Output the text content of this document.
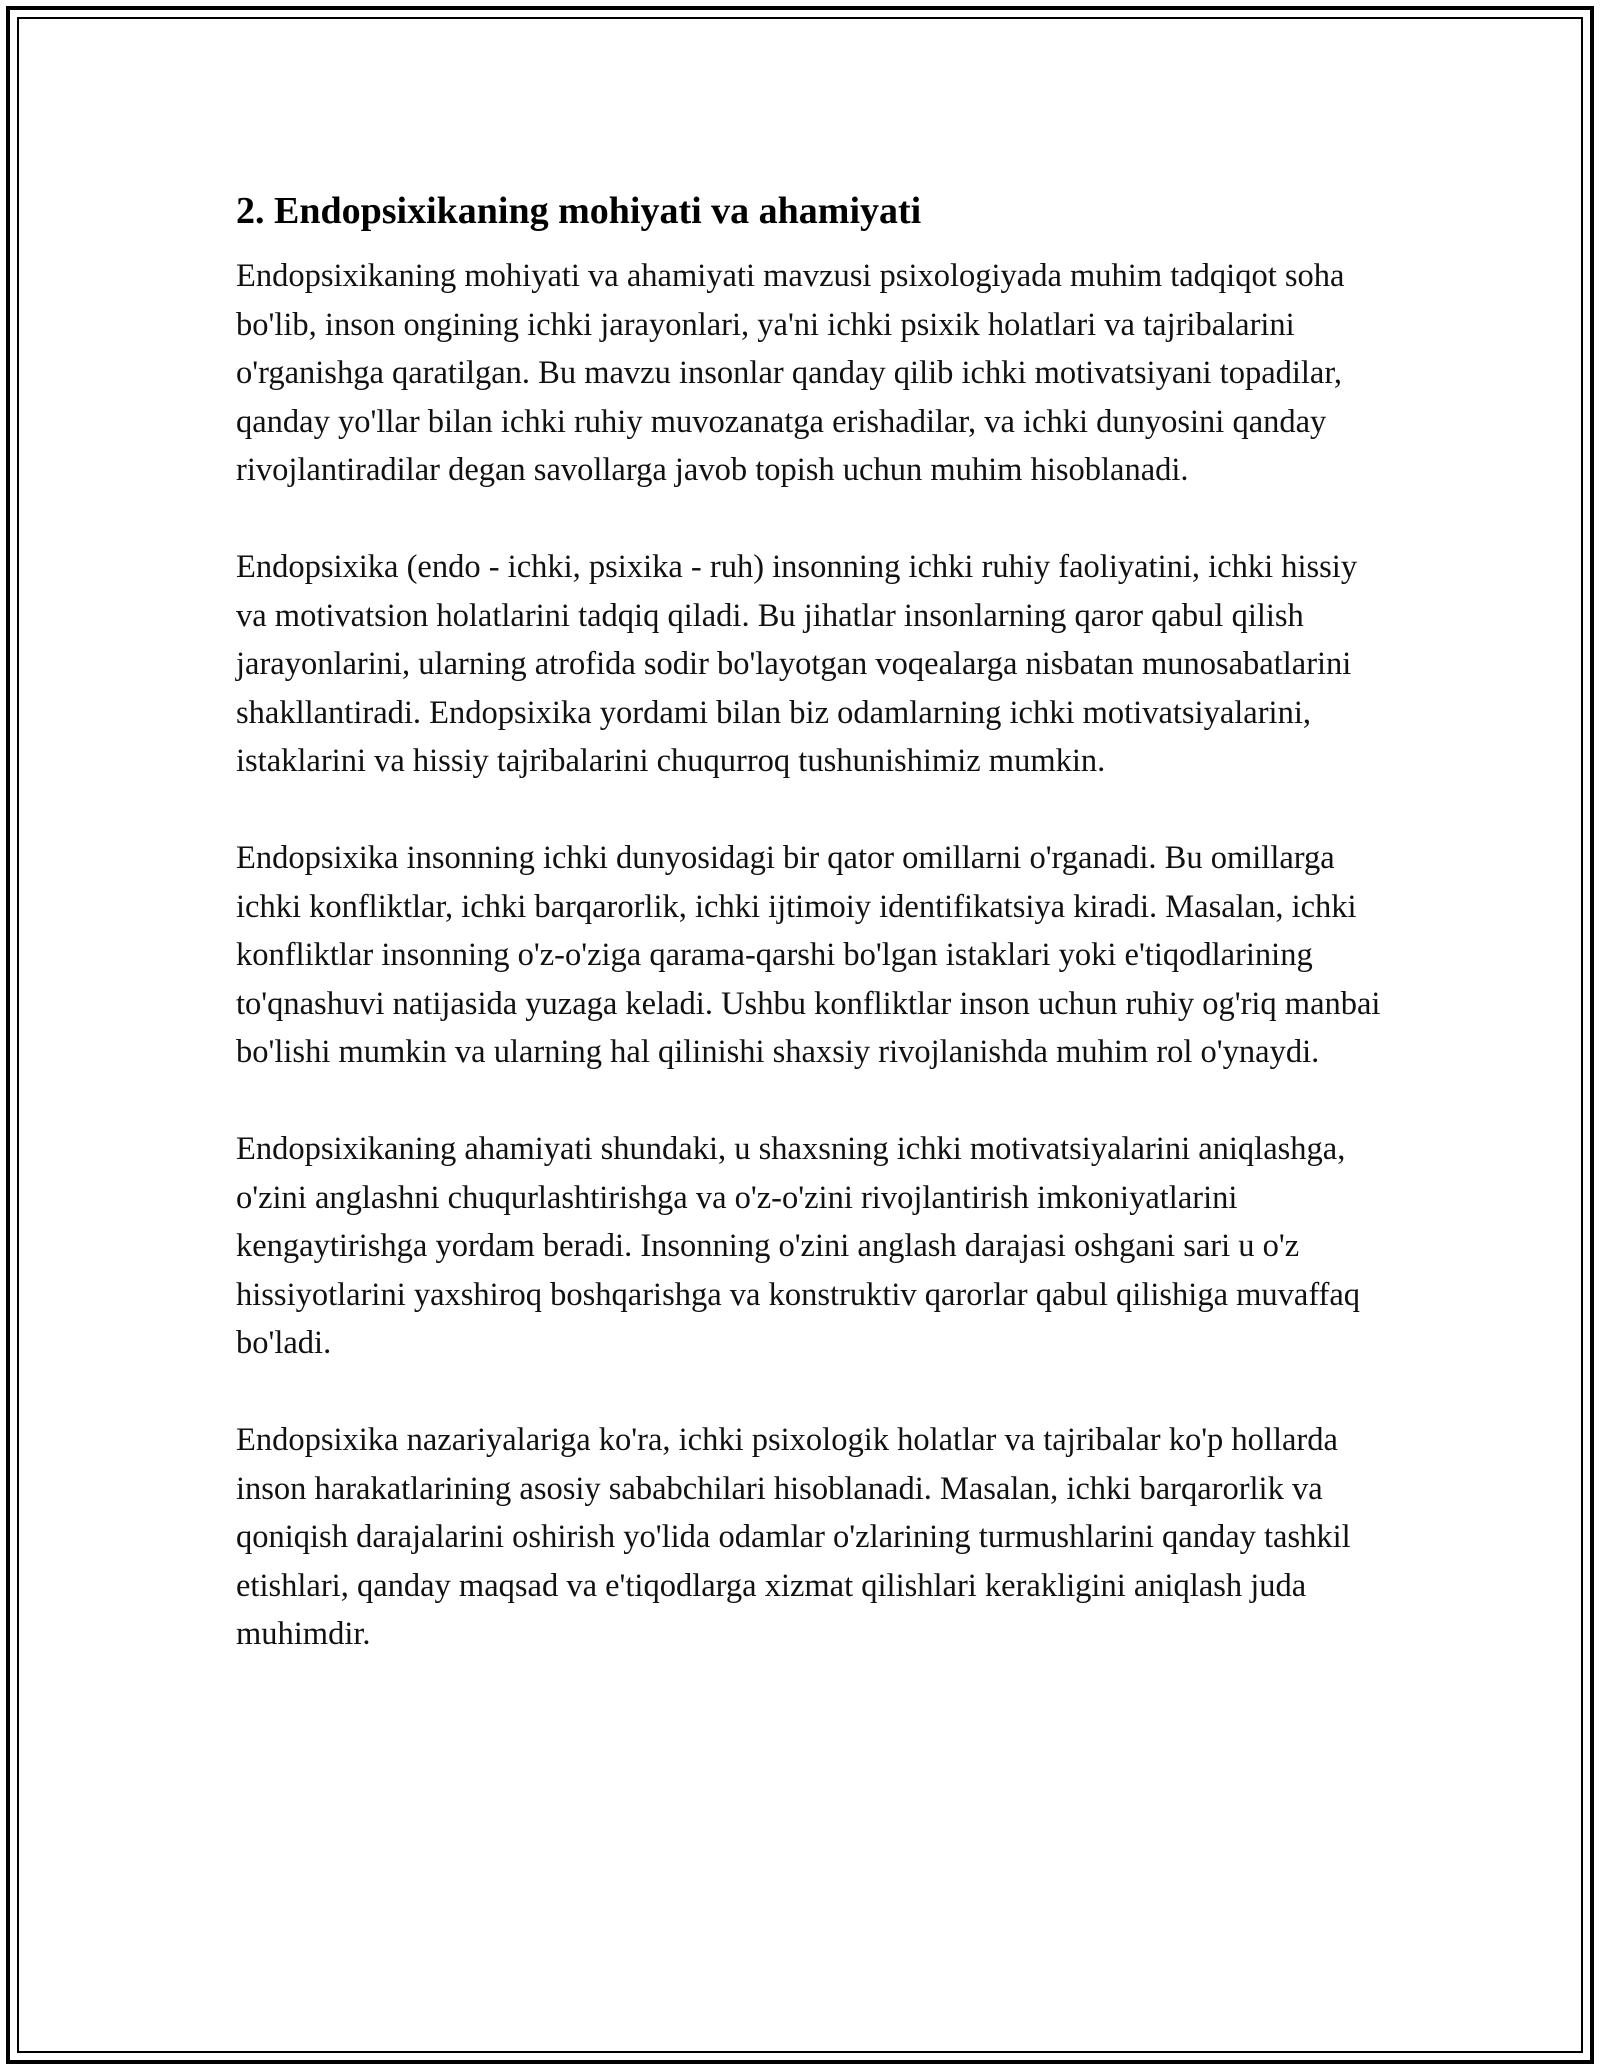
2. Endopsixikaning mohiyati va ahamiyati

Endopsixikaning mohiyati va ahamiyati mavzusi psixologiyada muhim tadqiqot soha bo'lib, inson ongining ichki jarayonlari, ya'ni ichki psixik holatlari va tajribalarini o'rganishga qaratilgan. Bu mavzu insonlar qanday qilib ichki motivatsiyani topadilar, qanday yo'llar bilan ichki ruhiy muvozanatga erishadilar, va ichki dunyosini qanday rivojlantiradilar degan savollarga javob topish uchun muhim hisoblanadi.

Endopsixika (endo - ichki, psixika - ruh) insonning ichki ruhiy faoliyatini, ichki hissiy va motivatsion holatlarini tadqiq qiladi. Bu jihatlar insonlarning qaror qabul qilish jarayonlarini, ularning atrofida sodir bo'layotgan voqealarga nisbatan munosabatlarini shakllantiradi. Endopsixika yordami bilan biz odamlarning ichki motivatsiyalarini, istaklarini va hissiy tajribalarini chuqurroq tushunishimiz mumkin.

Endopsixika insonning ichki dunyosidagi bir qator omillarni o'rganadi. Bu omillarga ichki konfliktlar, ichki barqarorlik, ichki ijtimoiy identifikatsiya kiradi. Masalan, ichki konfliktlar insonning o'z-o'ziga qarama-qarshi bo'lgan istaklari yoki e'tiqodlarining to'qnashuvi natijasida yuzaga keladi. Ushbu konfliktlar inson uchun ruhiy og'riq manbai bo'lishi mumkin va ularning hal qilinishi shaxsiy rivojlanishda muhim rol o'ynaydi.

Endopsixikaning ahamiyati shundaki, u shaxsning ichki motivatsiyalarini aniqlashga, o'zini anglashni chuqurlashtirishga va o'z-o'zini rivojlantirish imkoniyatlarini kengaytirishga yordam beradi. Insonning o'zini anglash darajasi oshgani sari u o'z hissiyotlarini yaxshiroq boshqarishga va konstruktiv qarorlar qabul qilishiga muvaffaq bo'ladi.

Endopsixika nazariyalariga ko'ra, ichki psixologik holatlar va tajribalar ko'p hollarda inson harakatlarining asosiy sababchilari hisoblanadi. Masalan, ichki barqarorlik va qoniqish darajalarini oshirish yo'lida odamlar o'zlarining turmushlarini qanday tashkil etishlari, qanday maqsad va e'tiqodlarga xizmat qilishlari kerakligini aniqlash juda muhimdir.
